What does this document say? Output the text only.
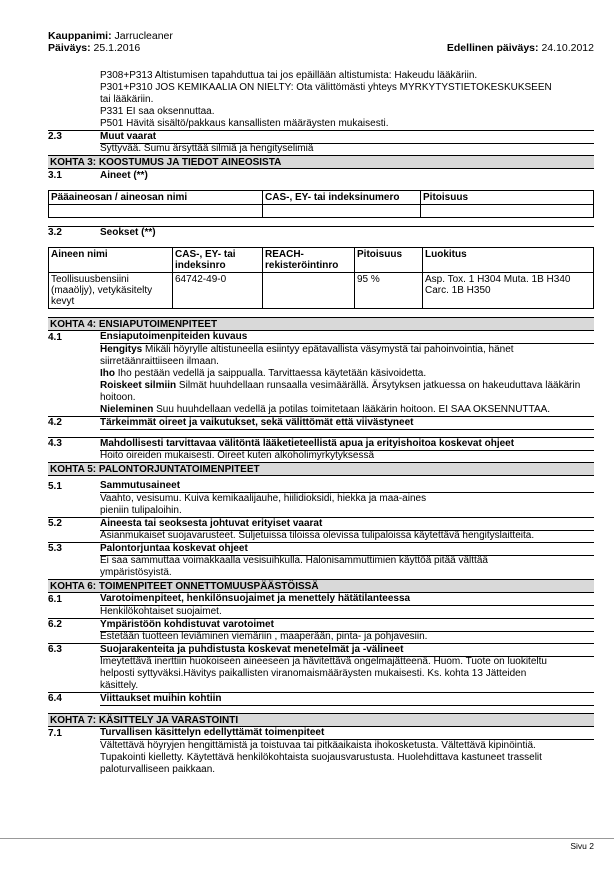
Kauppanimi: Jarrucleaner
Päiväys: 25.1.2016	Edellinen päiväys: 24.10.2012
P308+P313 Altistumisen tapahduttua tai jos epäillään altistumista: Hakeudu lääkäriin.
P301+P310 JOS KEMIKAALIA ON NIELTY: Ota välittömästi yhteys MYRKYTYSTIETOKESKUKSEEN
tai lääkäriin.
P331 EI saa oksennuttaa.
P501 Hävitä sisältö/pakkaus kansallisten määräysten mukaisesti.
2.3	Muut vaarat
Syttyvää. Sumu ärsyttää silmiä ja hengityselimiä
KOHTA 3: KOOSTUMUS JA TIEDOT AINEOSISTA
3.1	Aineet (**)
Pääaineosan / aineosan nimi	CAS-, EY- tai indeksinumero	Pitoisuus

3.2	Seokset (**)
Aineen nimi	CAS-, EY- tai indeksinro	REACH-rekisteröintinro	Pitoisuus	Luokitus
Teollisuusbensiini (maaöljy), vetykäsitelty kevyt	64742-49-0		95 %	Asp. Tox. 1 H304 Muta. 1B H340 Carc. 1B H350
KOHTA 4: ENSIAPUTOIMENPITEET
4.1	Ensiaputoimenpiteiden kuvaus
Hengitys Mikäli höyrylle altistuneella esiintyy epätavallista väsymystä tai pahoinvointia, hänet siirretäänraittiiseen ilmaan.
Iho Iho pestään vedellä ja saippualla. Tarvittaessa käytetään käsivoidetta.
Roiskeet silmiin Silmät huuhdellaan runsaalla vesimäärällä. Ärsytyksen jatkuessa on hakeuduttava lääkärin hoitoon.
Nieleminen Suu huuhdellaan vedellä ja potilas toimitetaan lääkärin hoitoon. EI SAA OKSENNUTTAA.
4.2	Tärkeimmät oireet ja vaikutukset, sekä välittömät että viivästyneet
4.3	Mahdollisesti tarvittavaa välitöntä lääketieteellistä apua ja erityishoitoa koskevat ohjeet
Hoito oireiden mukaisesti. Oireet kuten alkoholimyrkytyksessä
KOHTA 5: PALONTORJUNTATOIMENPITEET
5.1	Sammutusaineet
Vaahto, vesisumu. Kuiva kemikaalijauhe, hiilidioksidi, hiekka ja maa-aines
pieniin tulipaloihin.
5.2	Aineesta tai seoksesta johtuvat erityiset vaarat
Asianmukaiset suojavarusteet. Suljetuissa tiloissa olevissa tulipaloissa käytettävä hengityslaitteita.
5.3	Palontorjuntaa koskevat ohjeet
Ei saa sammuttaa voimakkaalla vesisuihkulla. Halonisammuttimien käyttöä pitää välttää
ympäristösyistä.
KOHTA 6: TOIMENPITEET ONNETTOMUUSPÄÄSTÖISSÄ
6.1	Varotoimenpiteet, henkilönsuojaimet ja menettely hätätilanteessa
Henkilökohtaiset suojaimet.
6.2	Ympäristöön kohdistuvat varotoimet
Estetään tuotteen leviäminen viemäriin , maaperään, pinta- ja pohjavesiin.
6.3	Suojarakenteita ja puhdistusta koskevat menetelmät ja -välineet
Imeytettävä inerttiin huokoiseen aineeseen ja hävitettävä ongelmajätteenä. Huom. Tuote on luokiteltu
helposti syttyväksi.Hävitys paikallisten viranomaismääräysten mukaisesti. Ks. kohta 13 Jätteiden
käsittely.
6.4	Viittaukset muihin kohtiin
KOHTA 7: KÄSITTELY JA VARASTOINTI
7.1	Turvallisen käsittelyn edellyttämät toimenpiteet
Vältettävä höyryjen hengittämistä ja toistuvaa tai pitkäaikaista ihokosketusta. Vältettävä kipinöintiä.
Tupakointi kielletty. Käytettävä henkilökohtaista suojausvarustusta. Huolehdittava kastuneet trasselit
paloturvalliseen paikkaan.
Sivu 2
